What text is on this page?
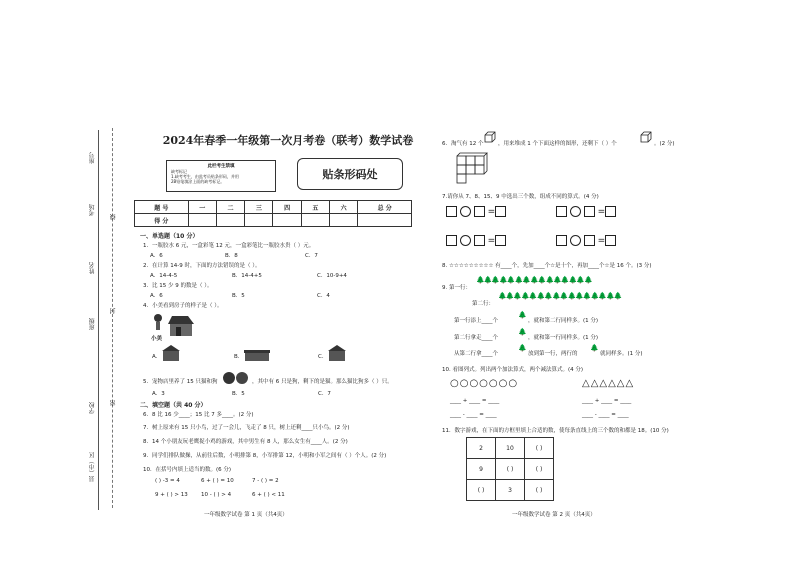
座号
考场
姓名
班级
学校
县（市）区
线
封
密
2024年春季一年级第一次月考卷（联考）数学试卷
此栏考生禁填
缺考标记
1.缺考考生，由监考员贴条形码，并用
2B铅笔填涂上面的缺考标记。
贴条形码处
题 号	一	二	三	四	五	六	总 分
得 分							
一、单选题（10 分）
1．一瓶胶水 6 元，一盒彩笔 12 元，一盒彩笔比一瓶胶水贵（ ）元。
A．6	B．8	C．7
2．在计算 14-9 时，下面的方法错误的是（ ）。
A．14-4-5	B．14-4+5	C．10-9+4
3．比 15 少 9 的数是（ ）。
A．6	B．5	C．4
4．小美看到房子的样子是（ ）。
小美
A．	B．	C．
5．宠物店里养了 15 只猫和狗	，其中有 6 只是狗，剩下的是猫。那么猫比狗多（ ）只。
A．3	B．5	C．7
二、填空题（共 40 分）
6．8 比 16 少____；15 比 7 多____。(2 分)
7．树上原来有 15 只小鸟，过了一会儿，飞走了 8 只，树上还剩____只小鸟。(2 分)
8．14 个小朋友玩老鹰捉小鸡的游戏，其中男生有 8 人，那么女生有____人。(2 分)
9．同学们排队做操，从前往后数，小明排第 8，小军排第 12，小明和小军之间有（ ）个人。(2 分)
10．在括号内填上适当的数。(6 分)
( ) -3 = 4	6 + ( ) = 10	7 - ( ) = 2
9 + ( ) > 13 10 - ( ) > 4	6 + ( ) < 11
一年级数学试卷 第 1 页（共4页）
6．淘气有 12 个	，用来堆成 1 个下面这样的图形，还剩下（ ）个	。(2 分)
7.请你从 7、8、15、9 中选出三个数，组成不同的算式。(4 分)
=	=
=	=
8. ☆☆☆☆☆☆☆☆☆ 有____个，先加____个☆是十个，再加____个☆是 16 个。(3 分)
9. 第一行：
🌲🌲🌲🌲🌲🌲🌲🌲🌲🌲🌲🌲🌲🌲🌲
第二行：
🌲🌲🌲🌲🌲🌲🌲🌲🌲🌲🌲🌲🌲🌲🌲🌲
第一行添上____个
🌲
，就和第二行同样多。(1 分)
第二行拿走____个
🌲
，就和第一行同样多。(1 分)
从第二行拿____个
🌲
放到第一行，两行的
🌲
就同样多。(1 分)
10. 看图列式。列出两个加法算式，两个减法算式。(4 分)
○○○○○○○	△△△△△△
____ + ____ = ____	____ + ____ = ____
____ - ____ = ____	____ - ____ = ____
11．数字游戏，在下面的方框里填上合适的数，使每条直线上的三个数的和都是 18。(10 分)
2	10	( )
9	( )	( )
( )	3	( )
一年级数学试卷 第 2 页（共4页）
